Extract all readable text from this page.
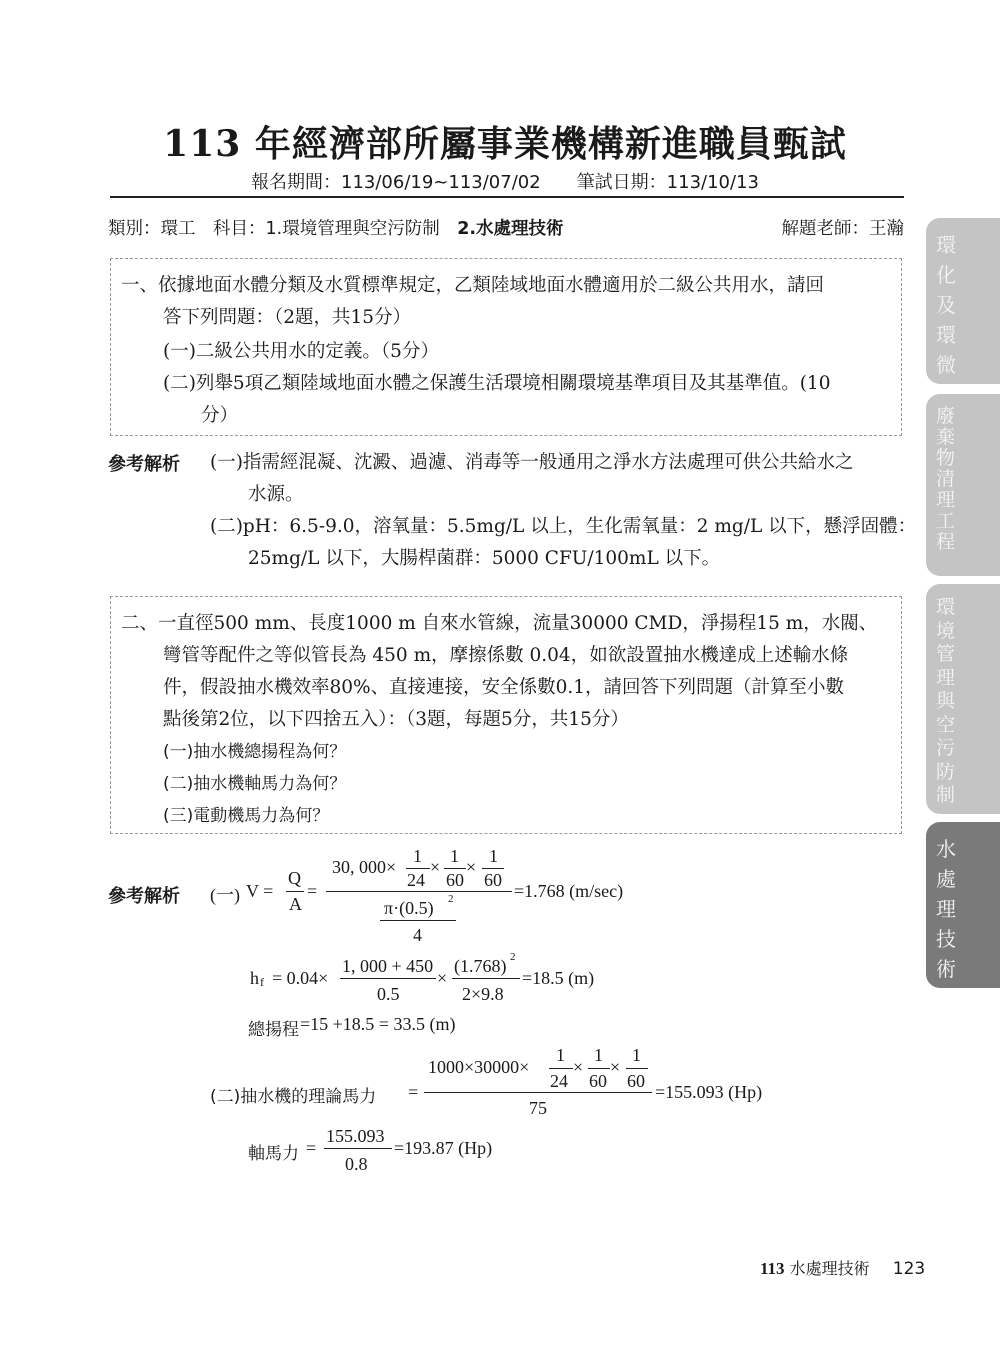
113 年經濟部所屬事業機構新進職員甄試
報名期間：113/06/19~113/07/02 筆試日期：113/10/13
類別：環工　科目：1.環境管理與空污防制　 2.水處理技術	解題老師：王瀚
一、依據地面水體分類及水質標準規定，乙類陸域地面水體適用於二級公共用水，請回
答下列問題：（2題，共15分）
(一)二級公共用水的定義。（5分）
(二)列舉5項乙類陸域地面水體之保護生活環境相關環境基準項目及其基準值。(10
分）
參考解析 (一)指需經混凝、沈澱、過濾、消毒等一般通用之淨水方法處理可供公共給水之
水源。
(二)pH：6.5-9.0，溶氧量：5.5mg/L 以上，生化需氧量：2 mg/L 以下，懸浮固體：
25mg/L 以下，大腸桿菌群：5000 CFU/100mL 以下。
二、一直徑500 mm、長度1000 m 自來水管線，流量30000 CMD，淨揚程15 m，水閥、
彎管等配件之等似管長為 450 m，摩擦係數 0.04，如欲設置抽水機達成上述輸水條
件，假設抽水機效率80%、直接連接，安全係數0.1，請回答下列問題（計算至小數
點後第2位，以下四捨五入）：（3題，每題5分，共15分）
(一)抽水機總揚程為何？
(二)抽水機軸馬力為何？
(三)電動機馬力為何？
參考解析 (一) V =
Q
A
=
30, 000×
1
24
×
1
60
×
1
60
π·(0.5) 2
4
=1.768 (m/sec)
h f = 0.04×
1, 000 + 450
0.5
×
(1.768) 2
2×9.8
=18.5 (m)
總揚程 =15 +18.5 = 33.5 (m)
(二)抽水機的理論馬力 =
1000×30000×
1
24
×
1
60
×
1
60
75
=155.093 (Hp)
軸馬力 =
155.093
0.8
=193.87 (Hp)
環
化
及
環
微
廢
棄
物
清
理
工
程
環
境
管
理
與
空
污
防
制
水
處
理
技
術
113 水處理技術 123
